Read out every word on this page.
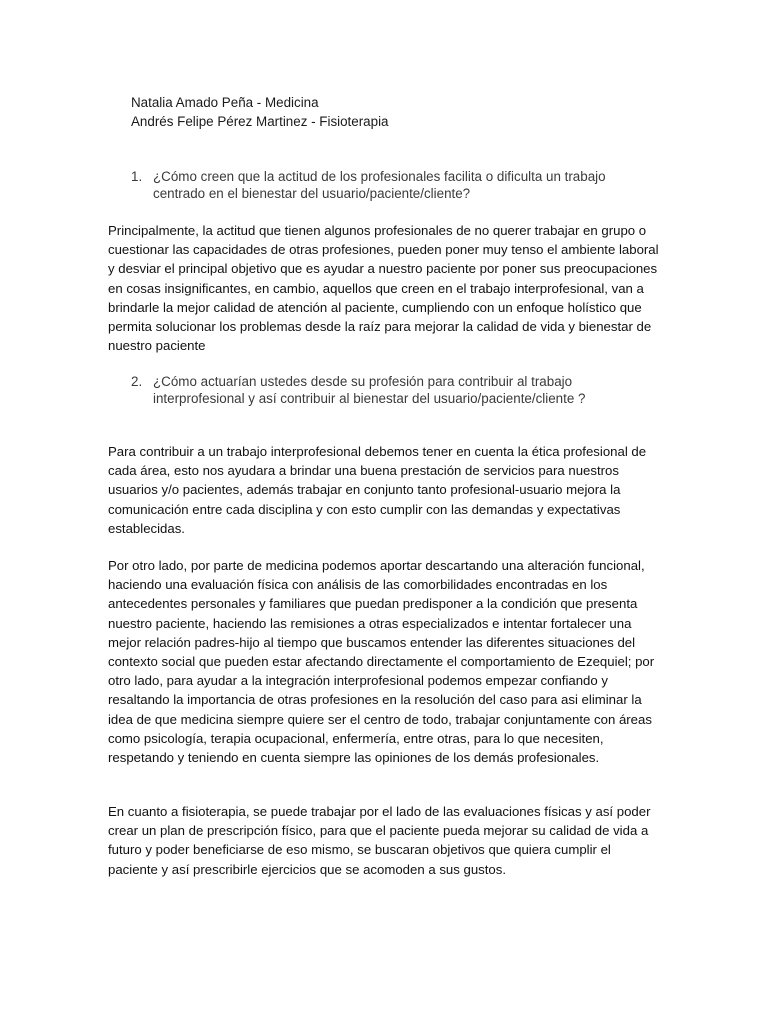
Natalia Amado Peña - Medicina
Andrés Felipe Pérez Martinez - Fisioterapia
1. ¿Cómo creen que la actitud de los profesionales facilita o dificulta un trabajo centrado en el bienestar del usuario/paciente/cliente?

Principalmente, la actitud que tienen algunos profesionales de no querer trabajar en grupo o cuestionar las capacidades de otras profesiones, pueden poner muy tenso el ambiente laboral y desviar el principal objetivo que es ayudar a nuestro paciente por poner sus preocupaciones en cosas insignificantes, en cambio, aquellos que creen en el trabajo interprofesional, van a brindarle la mejor calidad de atención al paciente, cumpliendo con un enfoque holístico que permita solucionar los problemas desde la raíz para mejorar la calidad de vida y bienestar de nuestro paciente

2. ¿Cómo actuarían ustedes desde su profesión para contribuir al trabajo interprofesional y así contribuir al bienestar del usuario/paciente/cliente ?

Para contribuir a un trabajo interprofesional debemos tener en cuenta la ética profesional de cada área, esto nos ayudara a brindar una buena prestación de servicios para nuestros usuarios y/o pacientes, además trabajar en conjunto tanto profesional-usuario mejora la comunicación entre cada disciplina y con esto cumplir con las demandas y expectativas establecidas.

Por otro lado, por parte de medicina podemos aportar descartando una alteración funcional, haciendo una evaluación física con análisis de las comorbilidades encontradas en los antecedentes personales y familiares que puedan predisponer a la condición que presenta nuestro paciente, haciendo las remisiones a otras especializados e intentar fortalecer una mejor relación padres-hijo al tiempo que buscamos entender las diferentes situaciones del contexto social que pueden estar afectando directamente el comportamiento de Ezequiel; por otro lado, para ayudar a la integración interprofesional podemos empezar confiando y resaltando la importancia de otras profesiones en la resolución del caso para asi eliminar la idea de que medicina siempre quiere ser el centro de todo, trabajar conjuntamente con áreas como psicología, terapia ocupacional, enfermería, entre otras, para lo que necesiten, respetando y teniendo en cuenta siempre las opiniones de los demás profesionales.

En cuanto a fisioterapia, se puede trabajar por el lado de las evaluaciones físicas y así poder crear un plan de prescripción físico, para que el paciente pueda mejorar su calidad de vida a futuro y poder beneficiarse de eso mismo, se buscaran objetivos que quiera cumplir el paciente y así prescribirle ejercicios que se acomoden a sus gustos.
